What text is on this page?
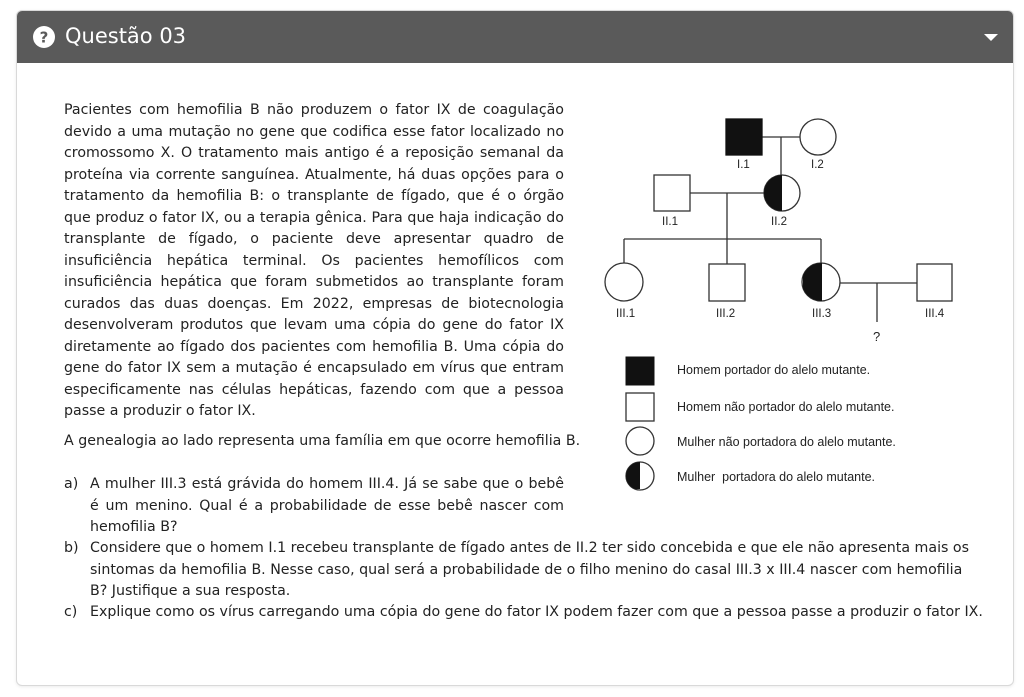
? Questão 03

Pacientes com hemofilia B não produzem o fator IX de coagulação devido a uma mutação no gene que codifica esse fator localizado no cromossomo X. O tratamento mais antigo é a reposição semanal da proteína via corrente sanguínea. Atualmente, há duas opções para o tratamento da hemofilia B: o transplante de fígado, que é o órgão que produz o fator IX, ou a terapia gênica. Para que haja indicação do transplante de fígado, o paciente deve apresentar quadro de insuficiência hepática terminal. Os pacientes hemofílicos com insuficiência hepática que foram submetidos ao transplante foram curados das duas doenças. Em 2022, empresas de biotecnologia desenvolveram produtos que levam uma cópia do gene do fator IX diretamente ao fígado dos pacientes com hemofilia B. Uma cópia do gene do fator IX sem a mutação é encapsulado em vírus que entram especificamente nas células hepáticas, fazendo com que a pessoa passe a produzir o fator IX.

A genealogia ao lado representa uma família em que ocorre hemofilia B.

a) A mulher III.3 está grávida do homem III.4. Já se sabe que o bebê é um menino. Qual é a probabilidade de esse bebê nascer com hemofilia B?
b) Considere que o homem I.1 recebeu transplante de fígado antes de II.2 ter sido concebida e que ele não apresenta mais os sintomas da hemofilia B. Nesse caso, qual será a probabilidade de o filho menino do casal III.3 x III.4 nascer com hemofilia B? Justifique a sua resposta.
c) Explique como os vírus carregando uma cópia do gene do fator IX podem fazer com que a pessoa passe a produzir o fator IX.
I.1	I.2
II.1	II.2
III.1	III.2	III.3	III.4
?
Homem portador do alelo mutante.
Homem não portador do alelo mutante.
Mulher não portadora do alelo mutante.
Mulher  portadora do alelo mutante.
